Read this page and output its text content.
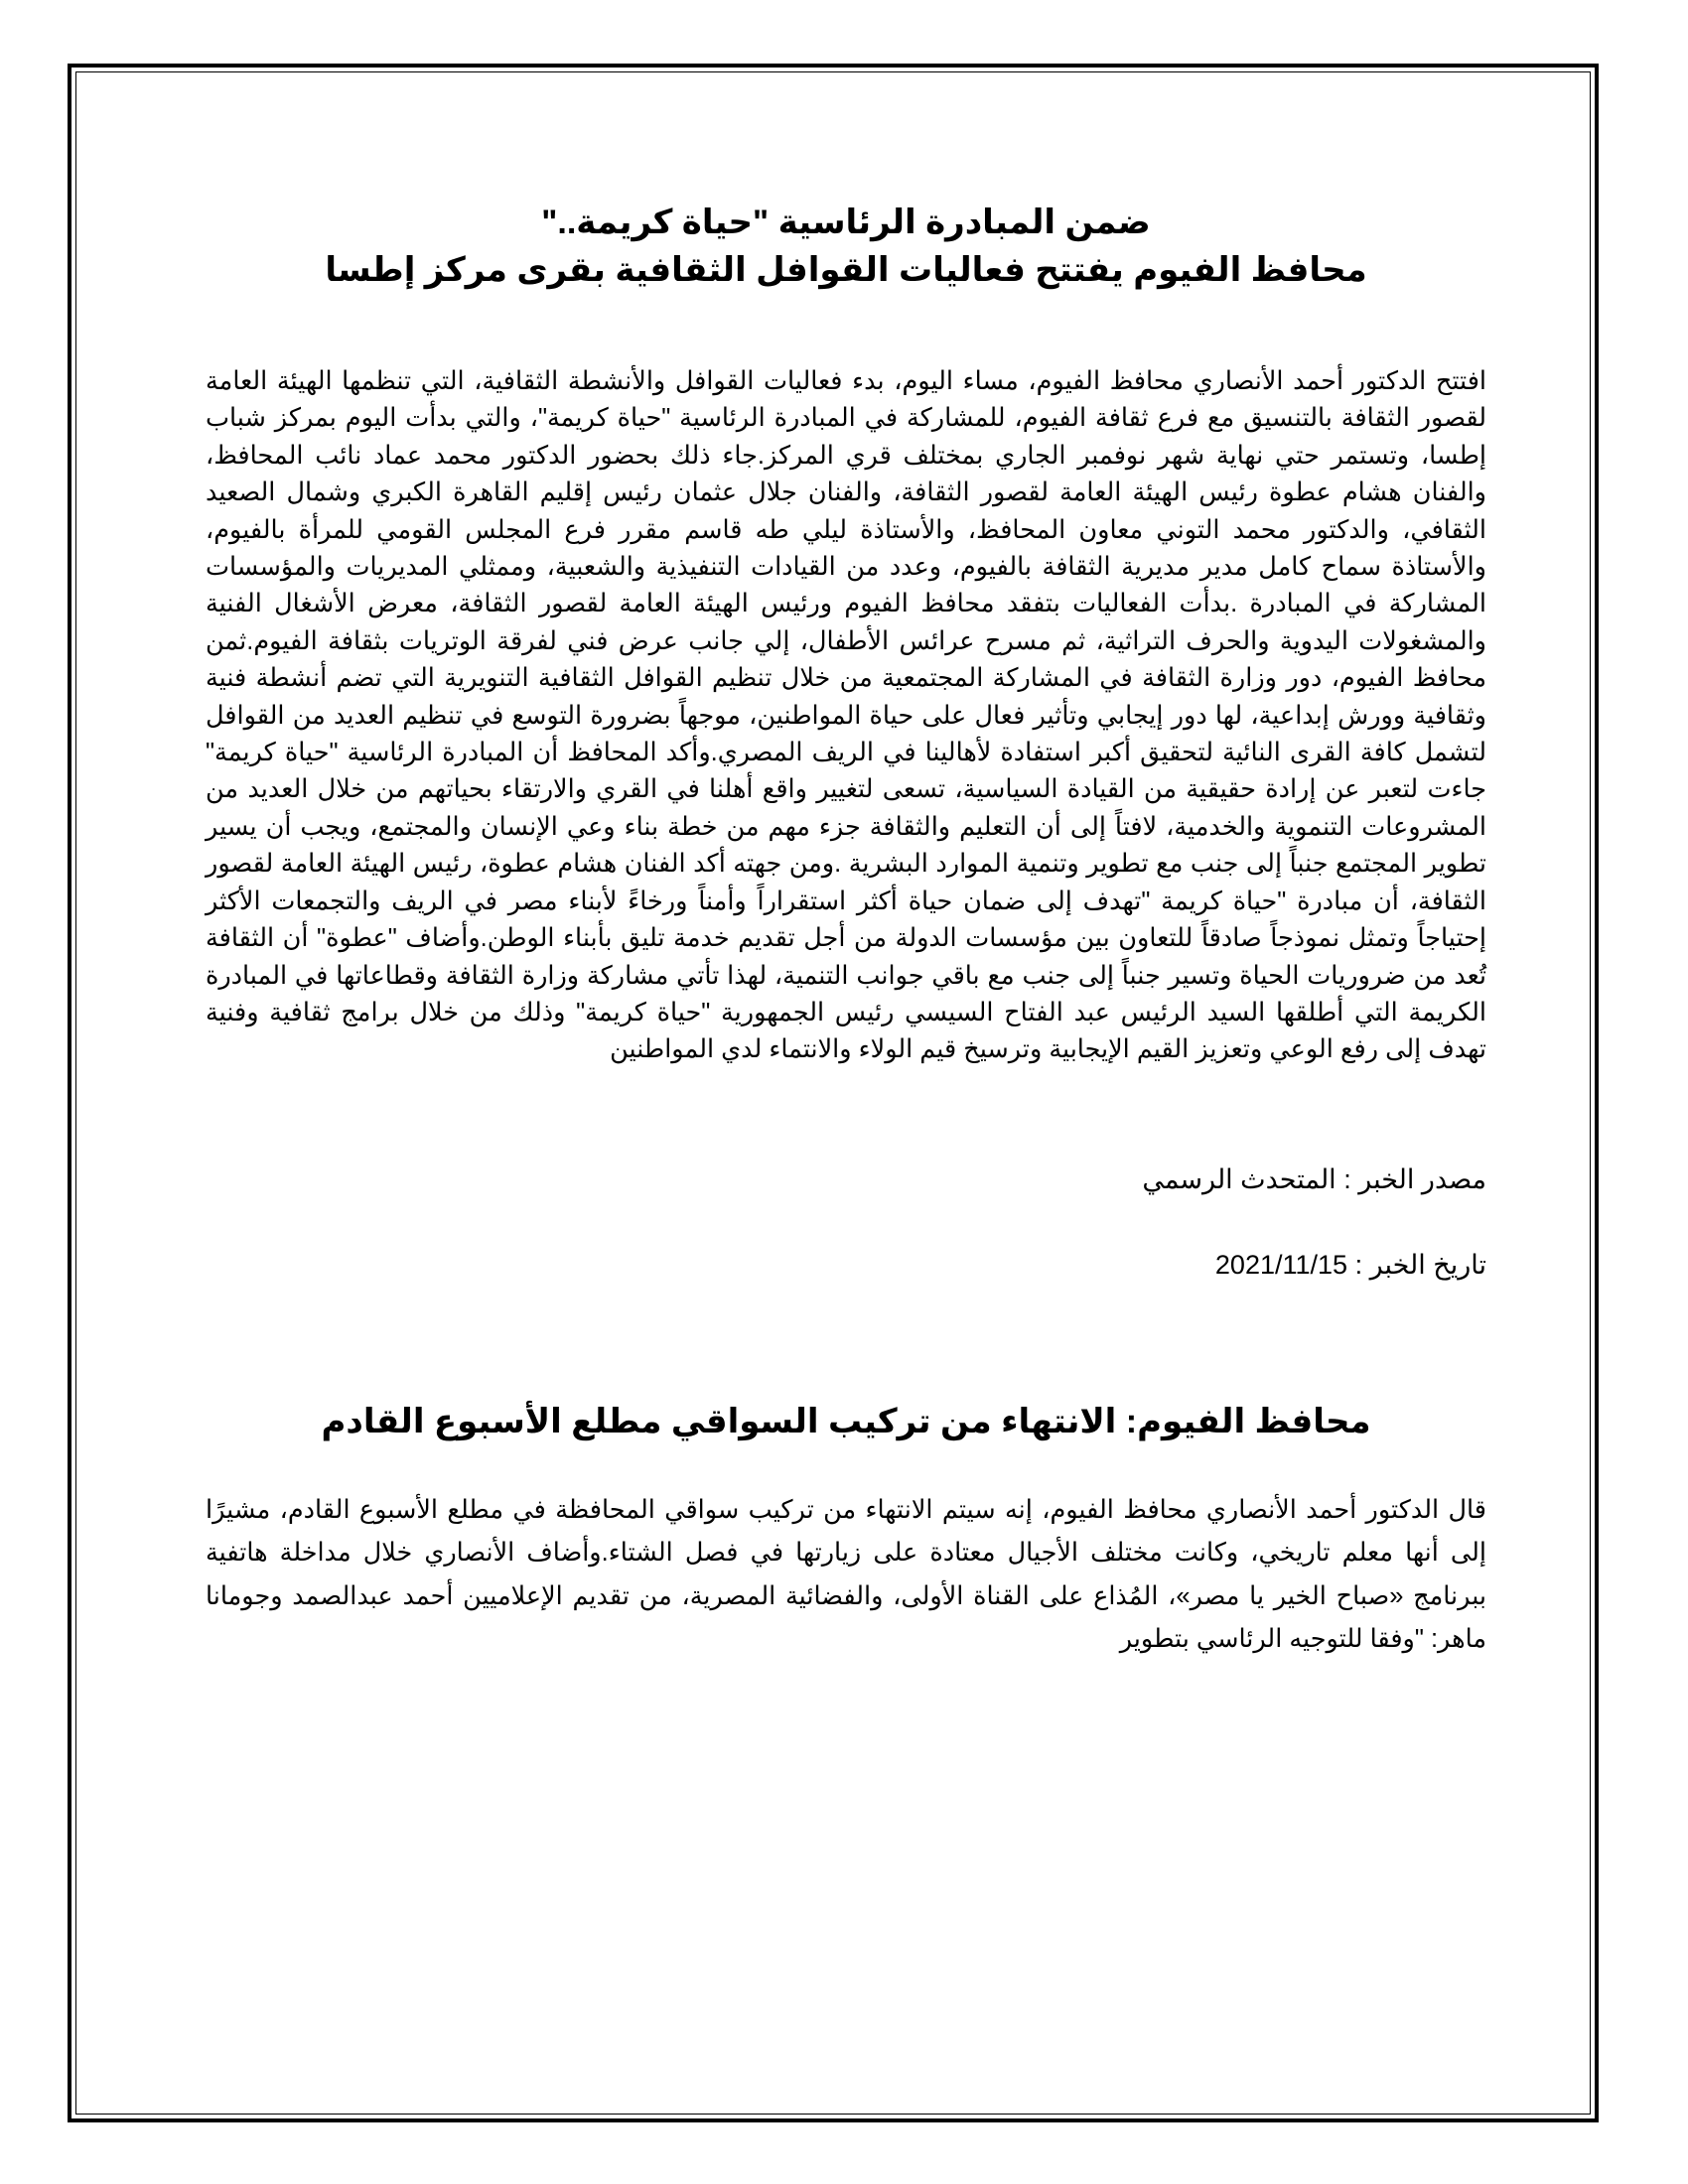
ضمن المبادرة الرئاسية "حياة كريمة.."
محافظ الفيوم يفتتح فعاليات القوافل الثقافية بقرى مركز إطسا

افتتح الدكتور أحمد الأنصاري محافظ الفيوم، مساء اليوم، بدء فعاليات القوافل والأنشطة الثقافية، التي تنظمها الهيئة العامة لقصور الثقافة بالتنسيق مع فرع ثقافة الفيوم، للمشاركة في المبادرة الرئاسية "حياة كريمة"، والتي بدأت اليوم بمركز شباب إطسا، وتستمر حتي نهاية شهر نوفمبر الجاري بمختلف قري المركز.جاء ذلك بحضور الدكتور محمد عماد نائب المحافظ، والفنان هشام عطوة رئيس الهيئة العامة لقصور الثقافة، والفنان جلال عثمان رئيس إقليم القاهرة الكبري وشمال الصعيد الثقافي، والدكتور محمد التوني معاون المحافظ، والأستاذة ليلي طه قاسم مقرر فرع المجلس القومي للمرأة بالفيوم، والأستاذة سماح كامل مدير مديرية الثقافة بالفيوم، وعدد من القيادات التنفيذية والشعبية، وممثلي المديريات والمؤسسات المشاركة في المبادرة .بدأت الفعاليات بتفقد محافظ الفيوم ورئيس الهيئة العامة لقصور الثقافة، معرض الأشغال الفنية والمشغولات اليدوية والحرف التراثية، ثم مسرح عرائس الأطفال، إلي جانب عرض فني لفرقة الوتريات بثقافة الفيوم.ثمن محافظ الفيوم، دور وزارة الثقافة في المشاركة المجتمعية من خلال تنظيم القوافل الثقافية التنويرية التي تضم أنشطة فنية وثقافية وورش إبداعية، لها دور إيجابي وتأثير فعال على حياة المواطنين، موجهاً بضرورة التوسع في تنظيم العديد من القوافل لتشمل كافة القرى النائية لتحقيق أكبر استفادة لأهالينا في الريف المصري.وأكد المحافظ أن المبادرة الرئاسية "حياة كريمة" جاءت لتعبر عن إرادة حقيقية من القيادة السياسية، تسعى لتغيير واقع أهلنا في القري والارتقاء بحياتهم من خلال العديد من المشروعات التنموية والخدمية، لافتاً إلى أن التعليم والثقافة جزء مهم من خطة بناء وعي الإنسان والمجتمع، ويجب أن يسير تطوير المجتمع جنباً إلى جنب مع تطوير وتنمية الموارد البشرية .ومن جهته أكد الفنان هشام عطوة، رئيس الهيئة العامة لقصور الثقافة، أن مبادرة "حياة كريمة "تهدف إلى ضمان حياة أكثر استقراراً وأمناً ورخاءً لأبناء مصر في الريف والتجمعات الأكثر إحتياجاً وتمثل نموذجاً صادقاً للتعاون بين مؤسسات الدولة من أجل تقديم خدمة تليق بأبناء الوطن.وأضاف "عطوة" أن الثقافة تُعد من ضروريات الحياة وتسير جنباً إلى جنب مع باقي جوانب التنمية، لهذا تأتي مشاركة وزارة الثقافة وقطاعاتها في المبادرة الكريمة التي أطلقها السيد الرئيس عبد الفتاح السيسي رئيس الجمهورية "حياة كريمة" وذلك من خلال برامج ثقافية وفنية تهدف إلى رفع الوعي وتعزيز القيم الإيجابية وترسيخ قيم الولاء والانتماء لدي المواطنين

مصدر الخبر : المتحدث الرسمي

تاريخ الخبر : 2021/11/15

محافظ الفيوم: الانتهاء من تركيب السواقي مطلع الأسبوع القادم

قال الدكتور أحمد الأنصاري محافظ الفيوم، إنه سيتم الانتهاء من تركيب سواقي المحافظة في مطلع الأسبوع القادم، مشيرًا إلى أنها معلم تاريخي، وكانت مختلف الأجيال معتادة على زيارتها في فصل الشتاء.وأضاف الأنصاري خلال مداخلة هاتفية ببرنامج «صباح الخير يا مصر»، المُذاع على القناة الأولى، والفضائية المصرية، من تقديم الإعلاميين أحمد عبدالصمد وجومانا ماهر: "وفقا للتوجيه الرئاسي بتطوير
